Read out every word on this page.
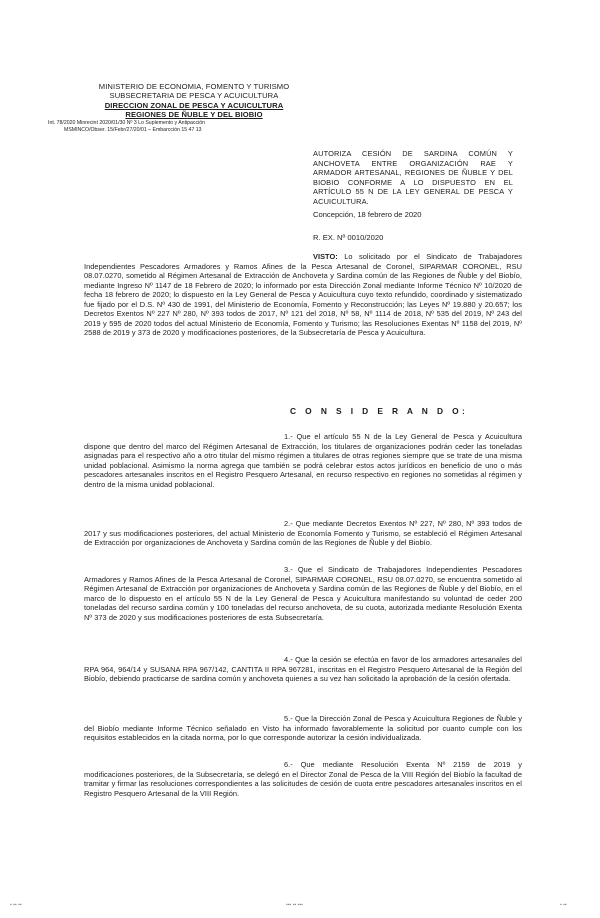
MINISTERIO DE ECONOMIA, FOMENTO Y TURISMO
SUBSECRETARIA DE PESCA Y ACUICULTURA
DIRECCION ZONAL DE PESCA Y ACUICULTURA
REGIONES DE ÑUBLE Y DEL BIOBIO
Int. 78/2020 Minrecint 2020/01/30 Nº 3 Lo Suplemento y Antipacción
MSMINCO/Obser. 15/Febr/27/20/01 – Embarcción 15 47 13
AUTORIZA CESIÓN DE SARDINA COMÚN Y ANCHOVETA ENTRE ORGANIZACIÓN RAE Y ARMADOR ARTESANAL, REGIONES DE ÑUBLE Y DEL BIOBIO CONFORME A LO DISPUESTO EN EL ARTÍCULO 55 N DE LA LEY GENERAL DE PESCA Y ACUICULTURA.
Concepción, 18 febrero de 2020
R. EX. Nº 0010/2020
VISTO: Lo solicitado por el Sindicato de Trabajadores Independientes Pescadores Armadores y Ramos Afines de la Pesca Artesanal de Coronel, SIPARMAR CORONEL, RSU 08.07.0270, sometido al Régimen Artesanal de Extracción de Anchoveta y Sardina común de las Regiones de Ñuble y del Biobío, mediante Ingreso Nº 1147 de 18 Febrero de 2020; lo informado por esta Dirección Zonal mediante Informe Técnico Nº 10/2020 de fecha 18 febrero de 2020; lo dispuesto en la Ley General de Pesca y Acuicultura cuyo texto refundido, coordinado y sistematizado fue fijado por el D.S. Nº 430 de 1991, del Ministerio de Economía, Fomento y Reconstrucción; las Leyes Nº 19.880 y 20.657; los Decretos Exentos Nº 227 Nº 280, Nº 393 todos de 2017, Nº 121 del 2018, Nº 58, Nº 1114 de 2018, Nº 535 del 2019, Nº 243 del 2019 y 595 de 2020 todos del actual Ministerio de Economía, Fomento y Turismo; las Resoluciones Exentas Nº 1158 del 2019, Nº 2588 de 2019 y 373 de 2020 y modificaciones posteriores, de la Subsecretaría de Pesca y Acuicultura.
C O N S I D E R A N D O:
1.- Que el artículo 55 N de la Ley General de Pesca y Acuicultura dispone que dentro del marco del Régimen Artesanal de Extracción, los titulares de organizaciones podrán ceder las toneladas asignadas para el respectivo año a otro titular del mismo régimen a titulares de otras regiones siempre que se trate de una misma unidad poblacional. Asimismo la norma agrega que también se podrá celebrar estos actos jurídicos en beneficio de uno o más pescadores artesanales inscritos en el Registro Pesquero Artesanal, en recurso respectivo en regiones no sometidas al régimen y dentro de la misma unidad poblacional.
2.- Que mediante Decretos Exentos Nº 227, Nº 280, Nº 393 todos de 2017 y sus modificaciones posteriores, del actual Ministerio de Economía Fomento y Turismo, se estableció el Régimen Artesanal de Extracción por organizaciones de Anchoveta y Sardina común de las Regiones de Ñuble y del Biobío.
3.- Que el Sindicato de Trabajadores Independientes Pescadores Armadores y Ramos Afines de la Pesca Artesanal de Coronel, SIPARMAR CORONEL, RSU 08.07.0270, se encuentra sometido al Régimen Artesanal de Extracción por organizaciones de Anchoveta y Sardina común de las Regiones de Ñuble y del Biobío, en el marco de lo dispuesto en el artículo 55 N de la Ley General de Pesca y Acuicultura manifestando su voluntad de ceder 200 toneladas del recurso sardina común y 100 toneladas del recurso anchoveta, de su cuota, autorizada mediante Resolución Exenta Nº 373 de 2020 y sus modificaciones posteriores de esta Subsecretaría.
4.- Que la cesión se efectúa en favor de los armadores artesanales del RPA 964, 964/14 y SUSANA RPA 967/142, CANTITA II RPA 967281, inscritas en el Registro Pesquero Artesanal de la Región del Biobío, debiendo practicarse de sardina común y anchoveta quienes a su vez han solicitado la aprobación de la cesión ofertada.
5.- Que la Dirección Zonal de Pesca y Acuicultura Regiones de Ñuble y del Biobío mediante Informe Técnico señalado en Visto ha informado favorablemente la solicitud por cuanto cumple con los requisitos establecidos en la citada norma, por lo que corresponde autorizar la cesión individualizada.
6.- Que mediante Resolución Exenta Nº 2159 de 2019 y modificaciones posteriores, de la Subsecretaría, se delegó en el Director Zonal de Pesca de la VIII Región del Biobío la facultad de tramitar y firmar las resoluciones correspondientes a las solicitudes de cesión de cuota entre pescadores artesanales inscritos en el Registro Pesquero Artesanal de la VIII Región.
▪ ▪▪ ▪▪	▪▪▪ ▪▪ ▪▪▪	▪ ▪▪
